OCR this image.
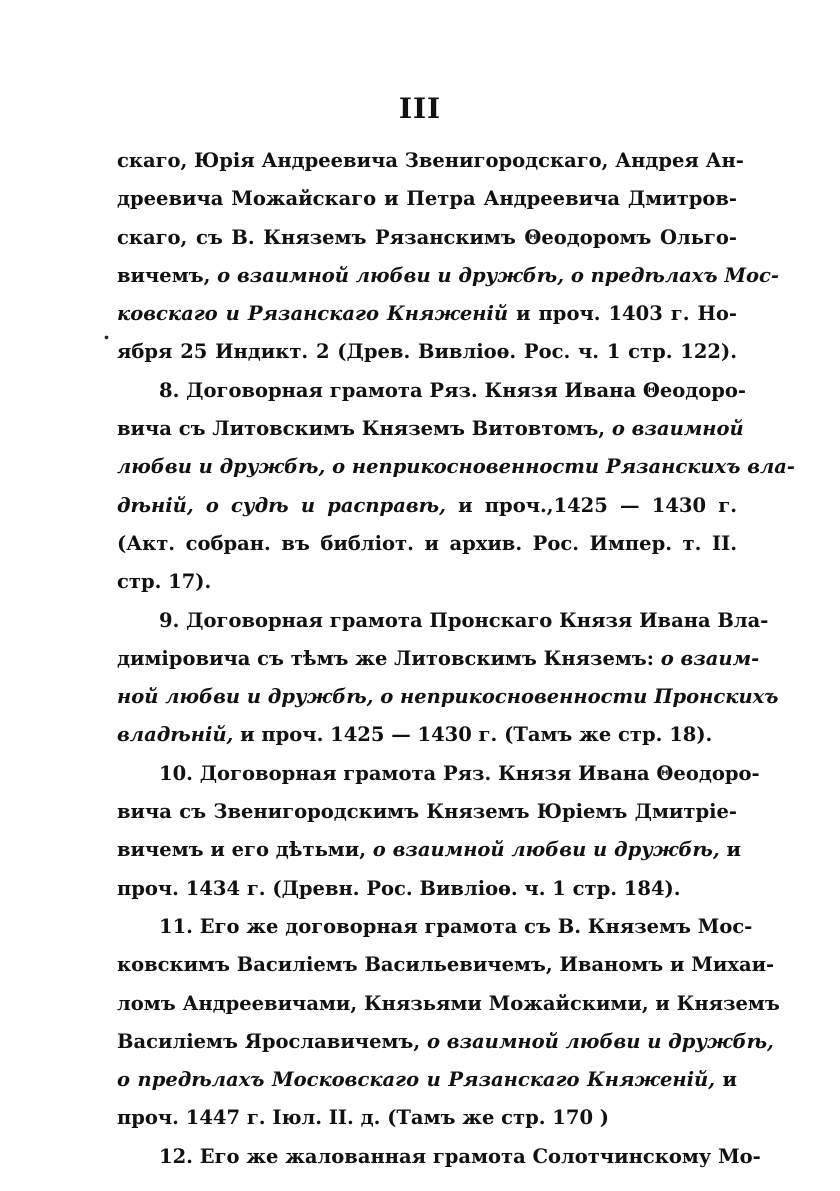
III
скаго, Юрія Андреевича Звенигородскаго, Андрея Ан-
дреевича Можайскаго и Петра Андреевича Дмитров-
скаго, съ В. Княземъ Рязанскимъ Θеодоромъ Ольго-
вичемъ, о взаимной любви и дружбѣ, о предѣлахъ Мос-
ковскаго и Рязанскаго Княженій и проч. 1403 г. Но-
ября 25 Индикт. 2 (Древ. Вивліоѳ. Рос. ч. 1 стр. 122).
8. Договорная грамота Ряз. Князя Ивана Θеодоро-
вича съ Литовскимъ Княземъ Витовтомъ, о взаимной
любви и дружбѣ, о неприкосновенности Рязанскихъ вла-
дѣній, о судѣ и расправѣ, и проч.,1425 — 1430 г.
(Акт. собран. въ библіот. и архив. Рос. Импер. т. II.
стр. 17).
9. Договорная грамота Пронскаго Князя Ивана Вла-
диміровича съ тѣмъ же Литовскимъ Княземъ: о взаим-
ной любви и дружбѣ, о неприкосновенности Пронскихъ
владѣній, и проч. 1425 — 1430 г. (Тамъ же стр. 18).
10. Договорная грамота Ряз. Князя Ивана Θеодоро-
вича съ Звенигородскимъ Княземъ Юріемъ Дмитріе-
вичемъ и его дѣтьми, о взаимной любви и дружбѣ, и
проч. 1434 г. (Древн. Рос. Вивліоѳ. ч. 1 стр. 184).
11. Его же договорная грамота съ В. Княземъ Мос-
ковскимъ Василіемъ Васильевичемъ, Иваномъ и Михаи-
ломъ Андреевичами, Князьями Можайскими, и Княземъ
Василіемъ Ярославичемъ, о взаимной любви и дружбѣ,
о предѣлахъ Московскаго и Рязанскаго Княженій, и
проч. 1447 г. Іюл. II. д. (Тамъ же стр. 170 )
12. Его же жалованная грамота Солотчинскому Мо-
.
